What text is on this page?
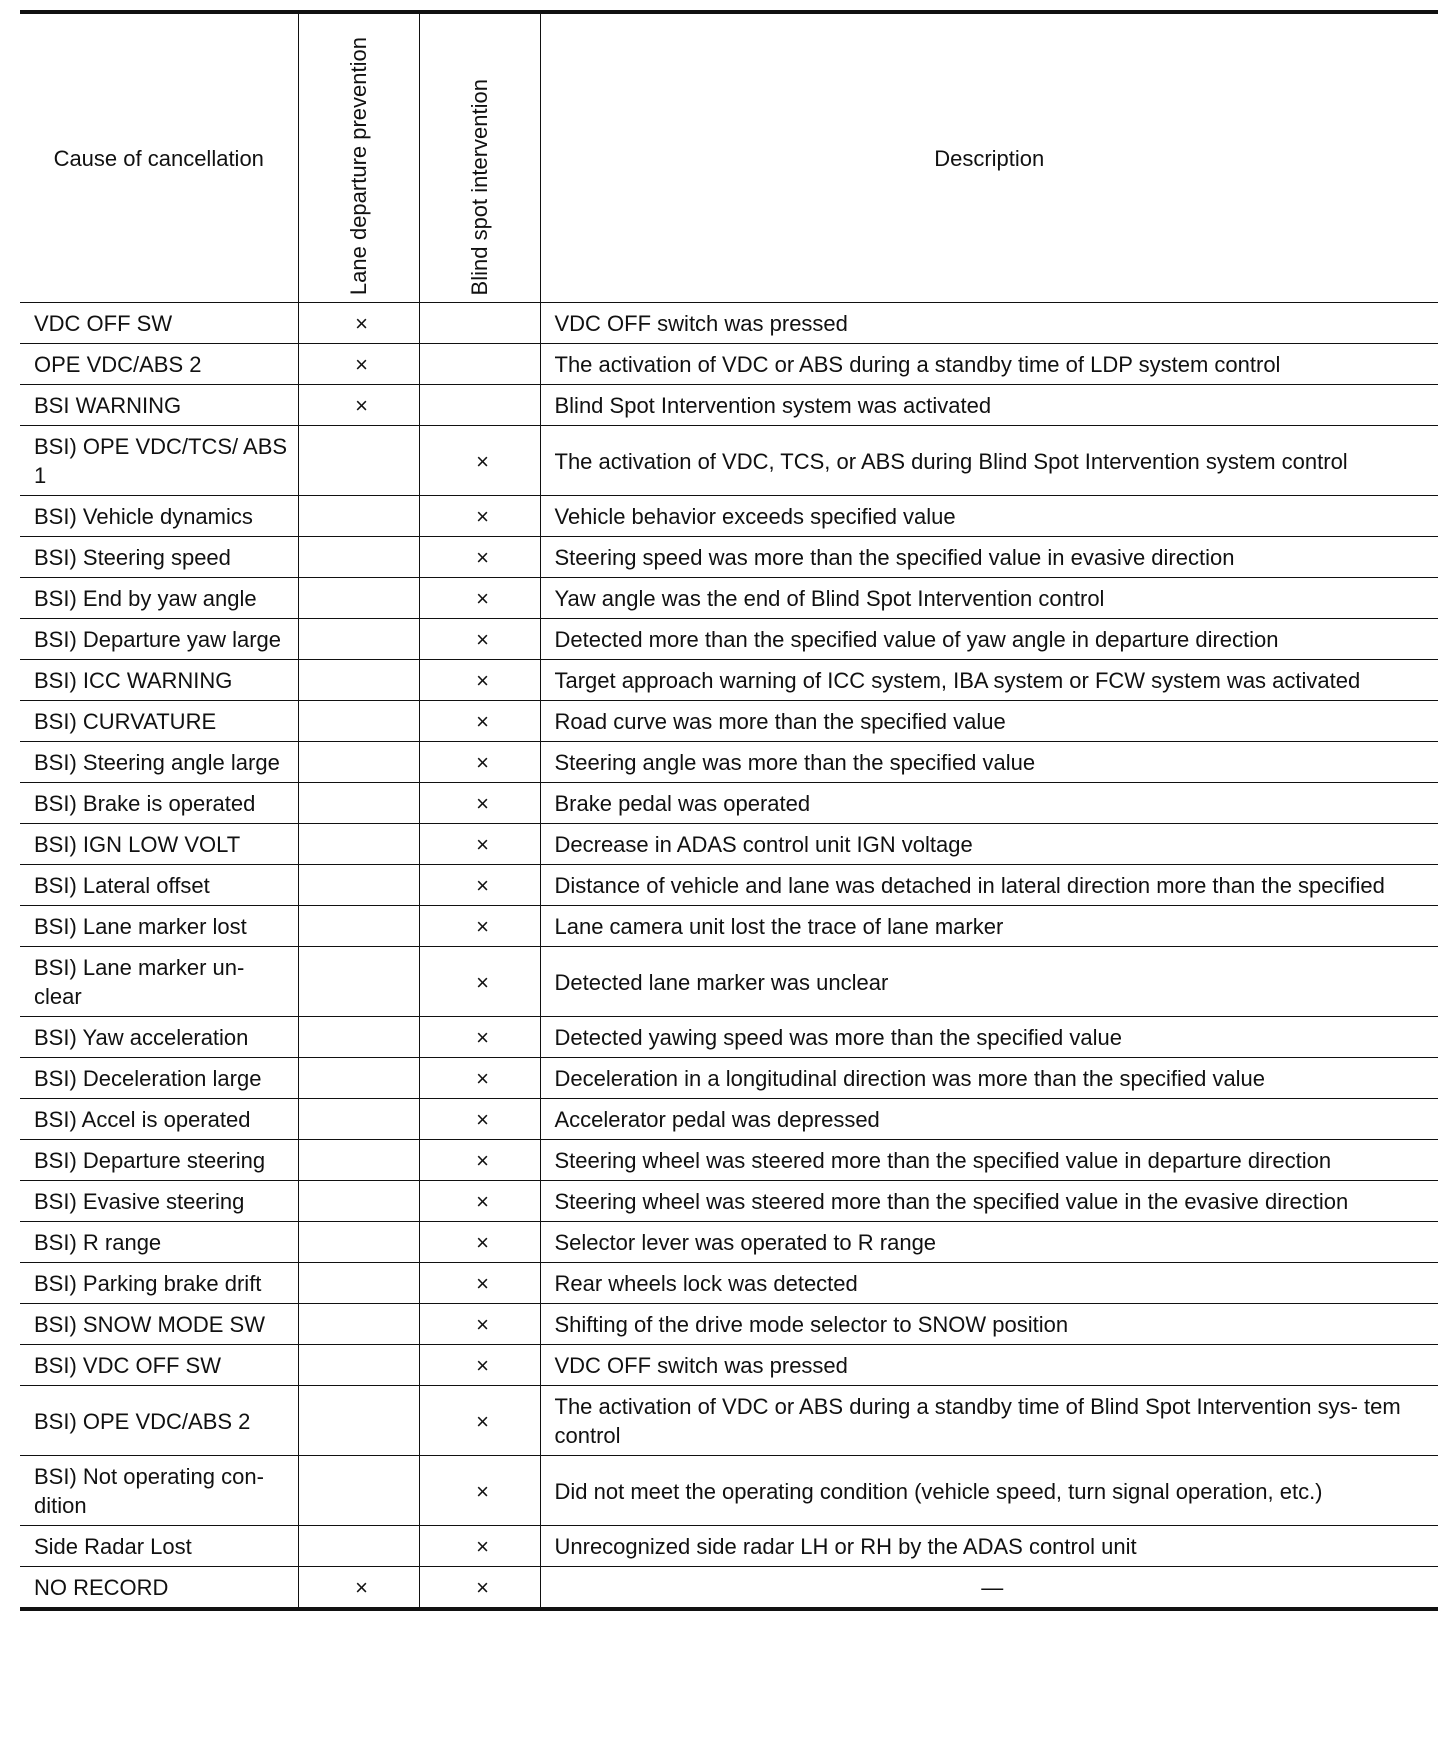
Cause of cancellation	Lane departure prevention	Blind spot intervention	Description
VDC OFF SW	×		VDC OFF switch was pressed
OPE VDC/ABS 2	×		The activation of VDC or ABS during a standby time of LDP system control
BSI WARNING	×		Blind Spot Intervention system was activated
BSI) OPE VDC/TCS/ ABS 1		×	The activation of VDC, TCS, or ABS during Blind Spot Intervention system control
BSI) Vehicle dynamics		×	Vehicle behavior exceeds specified value
BSI) Steering speed		×	Steering speed was more than the specified value in evasive direction
BSI) End by yaw angle		×	Yaw angle was the end of Blind Spot Intervention control
BSI) Departure yaw large		×	Detected more than the specified value of yaw angle in departure direction
BSI) ICC WARNING		×	Target approach warning of ICC system, IBA system or FCW system was activated
BSI) CURVATURE		×	Road curve was more than the specified value
BSI) Steering angle large		×	Steering angle was more than the specified value
BSI) Brake is operated		×	Brake pedal was operated
BSI) IGN LOW VOLT		×	Decrease in ADAS control unit IGN voltage
BSI) Lateral offset		×	Distance of vehicle and lane was detached in lateral direction more than the specified
BSI) Lane marker lost		×	Lane camera unit lost the trace of lane marker
BSI) Lane marker un- clear		×	Detected lane marker was unclear
BSI) Yaw acceleration		×	Detected yawing speed was more than the specified value
BSI) Deceleration large		×	Deceleration in a longitudinal direction was more than the specified value
BSI) Accel is operated		×	Accelerator pedal was depressed
BSI) Departure steering		×	Steering wheel was steered more than the specified value in departure direction
BSI) Evasive steering		×	Steering wheel was steered more than the specified value in the evasive direction
BSI) R range		×	Selector lever was operated to R range
BSI) Parking brake drift		×	Rear wheels lock was detected
BSI) SNOW MODE SW		×	Shifting of the drive mode selector to SNOW position
BSI) VDC OFF SW		×	VDC OFF switch was pressed
BSI) OPE VDC/ABS 2		×	The activation of VDC or ABS during a standby time of Blind Spot Intervention sys- tem control
BSI) Not operating con- dition		×	Did not meet the operating condition (vehicle speed, turn signal operation, etc.)
Side Radar Lost		×	Unrecognized side radar LH or RH by the ADAS control unit
NO RECORD	×	×	—
